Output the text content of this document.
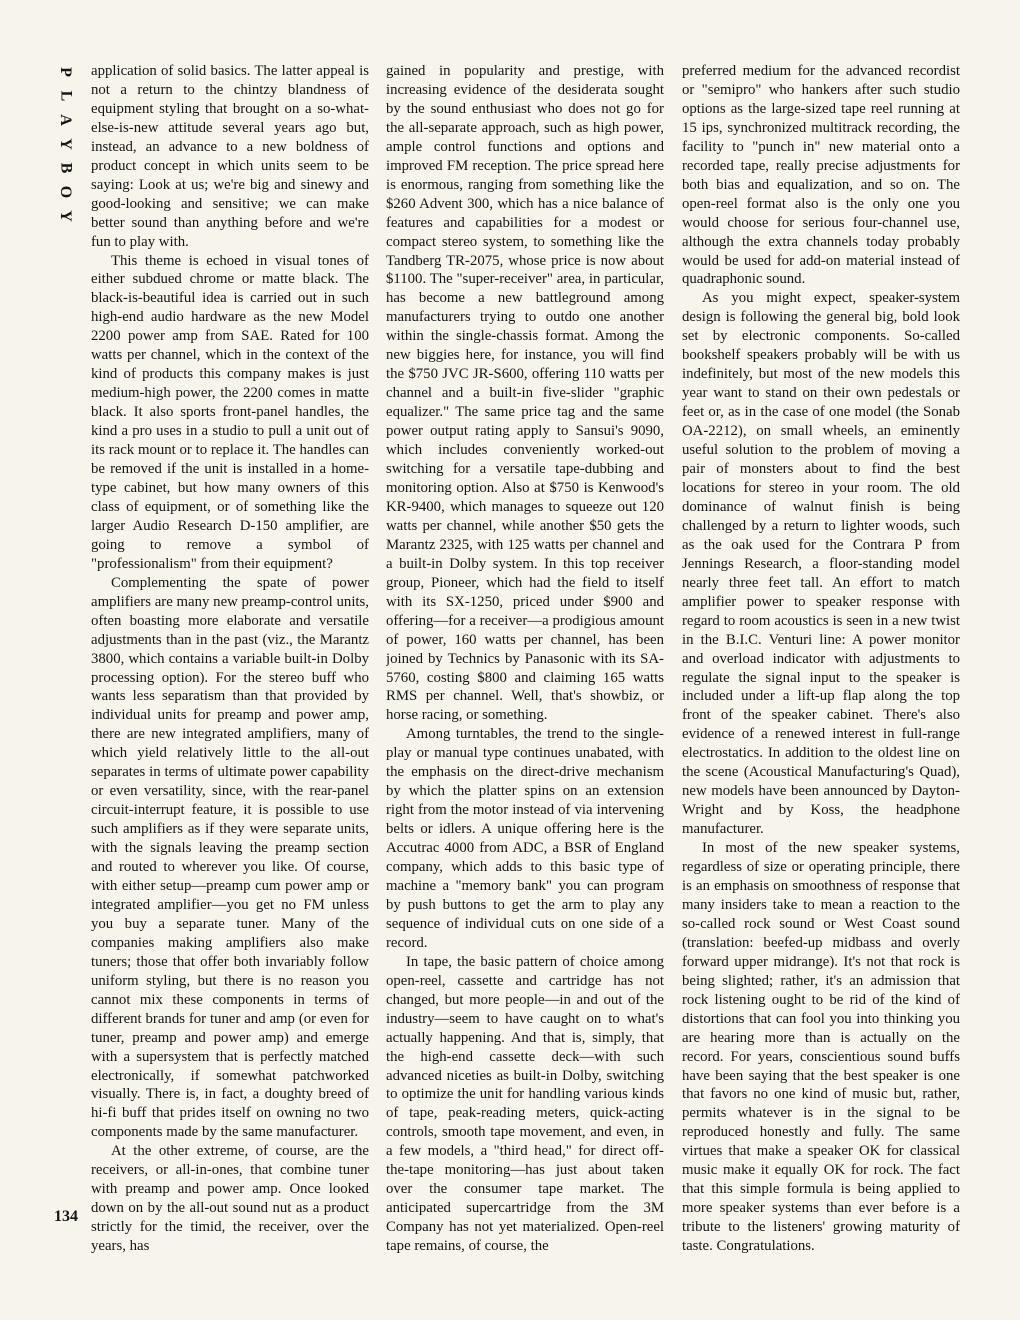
P
L
A
Y
B
O
Y

application of solid basics. The latter appeal is not a return to the chintzy blandness of equipment styling that brought on a so-what-else-is-new attitude several years ago but, instead, an advance to a new boldness of product concept in which units seem to be saying: Look at us; we're big and sinewy and good-looking and sensitive; we can make better sound than anything before and we're fun to play with.

This theme is echoed in visual tones of either subdued chrome or matte black. The black-is-beautiful idea is carried out in such high-end audio hardware as the new Model 2200 power amp from SAE. Rated for 100 watts per channel, which in the context of the kind of products this company makes is just medium-high power, the 2200 comes in matte black. It also sports front-panel handles, the kind a pro uses in a studio to pull a unit out of its rack mount or to replace it. The handles can be removed if the unit is installed in a home-type cabinet, but how many owners of this class of equipment, or of something like the larger Audio Research D-150 amplifier, are going to remove a symbol of "professionalism" from their equipment?

Complementing the spate of power amplifiers are many new preamp-control units, often boasting more elaborate and versatile adjustments than in the past (viz., the Marantz 3800, which contains a variable built-in Dolby processing option). For the stereo buff who wants less separatism than that provided by individual units for preamp and power amp, there are new integrated amplifiers, many of which yield relatively little to the all-out separates in terms of ultimate power capability or even versatility, since, with the rear-panel circuit-interrupt feature, it is possible to use such amplifiers as if they were separate units, with the signals leaving the preamp section and routed to wherever you like. Of course, with either setup—preamp cum power amp or integrated amplifier—you get no FM unless you buy a separate tuner. Many of the companies making amplifiers also make tuners; those that offer both invariably follow uniform styling, but there is no reason you cannot mix these components in terms of different brands for tuner and amp (or even for tuner, preamp and power amp) and emerge with a supersystem that is perfectly matched electronically, if somewhat patchworked visually. There is, in fact, a doughty breed of hi-fi buff that prides itself on owning no two components made by the same manufacturer.

At the other extreme, of course, are the receivers, or all-in-ones, that combine tuner with preamp and power amp. Once looked down on by the all-out sound nut as a product strictly for the timid, the receiver, over the years, has

gained in popularity and prestige, with increasing evidence of the desiderata sought by the sound enthusiast who does not go for the all-separate approach, such as high power, ample control functions and options and improved FM reception. The price spread here is enormous, ranging from something like the $260 Advent 300, which has a nice balance of features and capabilities for a modest or compact stereo system, to something like the Tandberg TR-2075, whose price is now about $1100. The "super-receiver" area, in particular, has become a new battleground among manufacturers trying to outdo one another within the single-chassis format. Among the new biggies here, for instance, you will find the $750 JVC JR-S600, offering 110 watts per channel and a built-in five-slider "graphic equalizer." The same price tag and the same power output rating apply to Sansui's 9090, which includes conveniently worked-out switching for a versatile tape-dubbing and monitoring option. Also at $750 is Kenwood's KR-9400, which manages to squeeze out 120 watts per channel, while another $50 gets the Marantz 2325, with 125 watts per channel and a built-in Dolby system. In this top receiver group, Pioneer, which had the field to itself with its SX-1250, priced under $900 and offering—for a receiver—a prodigious amount of power, 160 watts per channel, has been joined by Technics by Panasonic with its SA-5760, costing $800 and claiming 165 watts RMS per channel. Well, that's showbiz, or horse racing, or something.

Among turntables, the trend to the single-play or manual type continues unabated, with the emphasis on the direct-drive mechanism by which the platter spins on an extension right from the motor instead of via intervening belts or idlers. A unique offering here is the Accutrac 4000 from ADC, a BSR of England company, which adds to this basic type of machine a "memory bank" you can program by push buttons to get the arm to play any sequence of individual cuts on one side of a record.

In tape, the basic pattern of choice among open-reel, cassette and cartridge has not changed, but more people—in and out of the industry—seem to have caught on to what's actually happening. And that is, simply, that the high-end cassette deck—with such advanced niceties as built-in Dolby, switching to optimize the unit for handling various kinds of tape, peak-reading meters, quick-acting controls, smooth tape movement, and even, in a few models, a "third head," for direct off-the-tape monitoring—has just about taken over the consumer tape market. The anticipated supercartridge from the 3M Company has not yet materialized. Open-reel tape remains, of course, the

preferred medium for the advanced recordist or "semipro" who hankers after such studio options as the large-sized tape reel running at 15 ips, synchronized multitrack recording, the facility to "punch in" new material onto a recorded tape, really precise adjustments for both bias and equalization, and so on. The open-reel format also is the only one you would choose for serious four-channel use, although the extra channels today probably would be used for add-on material instead of quadraphonic sound.

As you might expect, speaker-system design is following the general big, bold look set by electronic components. So-called bookshelf speakers probably will be with us indefinitely, but most of the new models this year want to stand on their own pedestals or feet or, as in the case of one model (the Sonab OA-2212), on small wheels, an eminently useful solution to the problem of moving a pair of monsters about to find the best locations for stereo in your room. The old dominance of walnut finish is being challenged by a return to lighter woods, such as the oak used for the Contrara P from Jennings Research, a floor-standing model nearly three feet tall. An effort to match amplifier power to speaker response with regard to room acoustics is seen in a new twist in the B.I.C. Venturi line: A power monitor and overload indicator with adjustments to regulate the signal input to the speaker is included under a lift-up flap along the top front of the speaker cabinet. There's also evidence of a renewed interest in full-range electrostatics. In addition to the oldest line on the scene (Acoustical Manufacturing's Quad), new models have been announced by Dayton-Wright and by Koss, the headphone manufacturer.

In most of the new speaker systems, regardless of size or operating principle, there is an emphasis on smoothness of response that many insiders take to mean a reaction to the so-called rock sound or West Coast sound (translation: beefed-up midbass and overly forward upper midrange). It's not that rock is being slighted; rather, it's an admission that rock listening ought to be rid of the kind of distortions that can fool you into thinking you are hearing more than is actually on the record. For years, conscientious sound buffs have been saying that the best speaker is one that favors no one kind of music but, rather, permits whatever is in the signal to be reproduced honestly and fully. The same virtues that make a speaker OK for classical music make it equally OK for rock. The fact that this simple formula is being applied to more speaker systems than ever before is a tribute to the listeners' growing maturity of taste. Congratulations.

134
